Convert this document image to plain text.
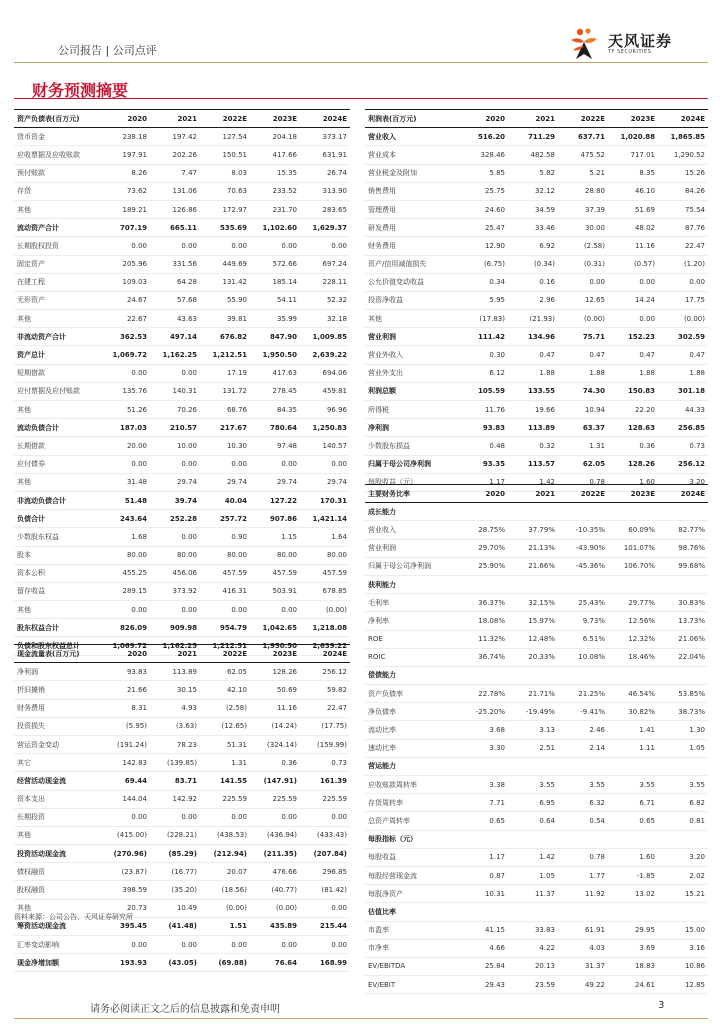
公司报告 | 公司点评
天风证券
TF SECURITIES
财务预测摘要
资产负债表(百万元)	2020	2021	2022E	2023E	2024E
货币资金	238.18	197.42	127.54	204.18	373.17
应收票据及应收账款	197.91	202.26	150.51	417.66	631.91
预付账款	8.26	7.47	8.03	15.35	26.74
存货	73.62	131.06	70.63	233.52	313.90
其他	189.21	126.86	172.97	231.70	283.65
流动资产合计	707.19	665.11	535.69	1,102.60	1,629.37
长期股权投资	0.00	0.00	0.00	0.00	0.00
固定资产	205.96	331.56	449.69	572.66	697.24
在建工程	109.03	64.28	131.42	185.14	228.11
无形资产	24.67	57.68	55.90	54.11	52.32
其他	22.67	43.63	39.81	35.99	32.18
非流动资产合计	362.53	497.14	676.82	847.90	1,009.85
资产总计	1,069.72	1,162.25	1,212.51	1,950.50	2,639.22
短期借款	0.00	0.00	17.19	417.63	694.06
应付票据及应付账款	135.76	140.31	131.72	278.45	459.81
其他	51.26	70.26	68.76	84.35	96.96
流动负债合计	187.03	210.57	217.67	780.64	1,250.83
长期借款	20.00	10.00	10.30	97.48	140.57
应付债券	0.00	0.00	0.00	0.00	0.00
其他	31.48	29.74	29.74	29.74	29.74
非流动负债合计	51.48	39.74	40.04	127.22	170.31
负债合计	243.64	252.28	257.72	907.86	1,421.14
少数股东权益	1.68	0.00	0.90	1.15	1.64
股本	80.00	80.00	80.00	80.00	80.00
资本公积	455.25	456.06	457.59	457.59	457.59
留存收益	289.15	373.92	416.31	503.91	678.85
其他	0.00	0.00	0.00	0.00	(0.00)
股东权益合计	826.09	909.98	954.79	1,042.65	1,218.08
负债和股东权益总计	1,069.72	1,162.25	1,212.51	1,950.50	2,639.22
利润表(百万元)	2020	2021	2022E	2023E	2024E
营业收入	516.20	711.29	637.71	1,020.88	1,865.85
营业成本	328.46	482.58	475.52	717.01	1,290.52
营业税金及附加	5.85	5.82	5.21	8.35	15.26
销售费用	25.75	32.12	28.80	46.10	84.26
管理费用	24.60	34.59	37.39	51.69	75.54
研发费用	25.47	33.46	30.00	48.02	87.76
财务费用	12.90	6.92	(2.58)	11.16	22.47
资产/信用减值损失	(6.75)	(0.34)	(0.31)	(0.57)	(1.20)
公允价值变动收益	0.34	0.16	0.00	0.00	0.00
投资净收益	5.95	2.96	12.65	14.24	17.75
其他	(17.83)	(21.93)	(0.00)	0.00	(0.00)
营业利润	111.42	134.96	75.71	152.23	302.59
营业外收入	0.30	0.47	0.47	0.47	0.47
营业外支出	6.12	1.88	1.88	1.88	1.88
利润总额	105.59	133.55	74.30	150.83	301.18
所得税	11.76	19.66	10.94	22.20	44.33
净利润	93.83	113.89	63.37	128.63	256.85
少数股东损益	0.48	0.32	1.31	0.36	0.73
归属于母公司净利润	93.35	113.57	62.05	128.26	256.12
每股收益（元）	1.17	1.42	0.78	1.60	3.20
主要财务比率	2020	2021	2022E	2023E	2024E
成长能力					
营业收入	28.75%	37.79%	-10.35%	60.09%	82.77%
营业利润	29.70%	21.13%	-43.90%	101.07%	98.76%
归属于母公司净利润	25.90%	21.66%	-45.36%	106.70%	99.68%
获利能力					
毛利率	36.37%	32.15%	25.43%	29.77%	30.83%
净利率	18.08%	15.97%	9.73%	12.56%	13.73%
ROE	11.32%	12.48%	6.51%	12.32%	21.06%
ROIC	36.74%	20.33%	10.08%	18.46%	22.04%
偿债能力					
资产负债率	22.78%	21.71%	21.25%	46.54%	53.85%
净负债率	-25.20%	-19.49%	-9.41%	30.82%	38.73%
流动比率	3.68	3.13	2.46	1.41	1.30
速动比率	3.30	2.51	2.14	1.11	1.05
营运能力					
应收账款周转率	3.38	3.55	3.55	3.55	3.55
存货周转率	7.71	6.95	6.32	6.71	6.82
总资产周转率	0.65	0.64	0.54	0.65	0.81
每股指标（元）					
每股收益	1.17	1.42	0.78	1.60	3.20
每股经营现金流	0.87	1.05	1.77	-1.85	2.02
每股净资产	10.31	11.37	11.92	13.02	15.21
估值比率					
市盈率	41.15	33.83	61.91	29.95	15.00
市净率	4.66	4.22	4.03	3.69	3.16
EV/EBITDA	25.84	20.13	31.37	18.83	10.86
EV/EBIT	29.43	23.59	49.22	24.61	12.85
现金流量表(百万元)	2020	2021	2022E	2023E	2024E
净利润	93.83	113.89	62.05	128.26	256.12
折旧摊销	21.66	30.15	42.10	50.69	59.82
财务费用	8.31	4.93	(2.58)	11.16	22.47
投资损失	(5.95)	(3.63)	(12.65)	(14.24)	(17.75)
营运资金变动	(191.24)	78.23	51.31	(324.14)	(159.99)
其它	142.83	(139.85)	1.31	0.36	0.73
经营活动现金流	69.44	83.71	141.55	(147.91)	161.39
资本支出	144.04	142.92	225.59	225.59	225.59
长期投资	0.00	0.00	0.00	0.00	0.00
其他	(415.00)	(228.21)	(438.53)	(436.94)	(433.43)
投资活动现金流	(270.96)	(85.29)	(212.94)	(211.35)	(207.84)
债权融资	(23.87)	(16.77)	20.07	476.66	296.85
股权融资	398.59	(35.20)	(18.56)	(40.77)	(81.42)
其他	20.73	10.49	(0.00)	(0.00)	0.00
筹资活动现金流	395.45	(41.48)	1.51	435.89	215.44
汇率变动影响	0.00	0.00	0.00	0.00	0.00
现金净增加额	193.93	(43.05)	(69.88)	76.64	168.99
资料来源：公司公告，天风证券研究所
请务必阅读正文之后的信息披露和免责申明	3
